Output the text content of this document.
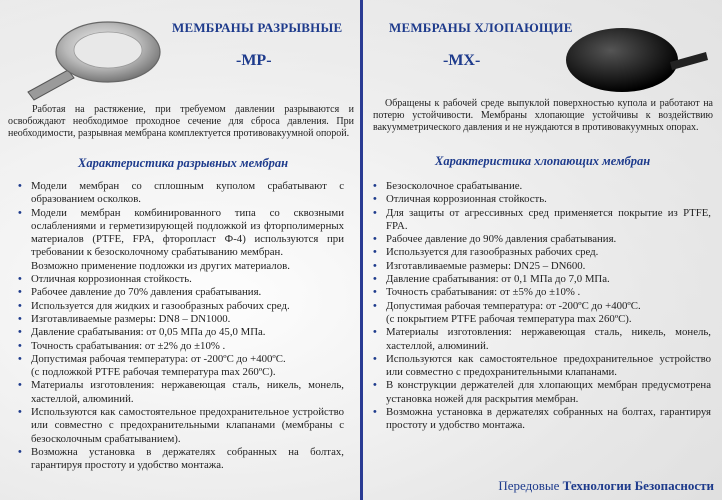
МЕМБРАНЫ РАЗРЫВНЫЕ
-МР-
Работая на растяжение, при требуемом давлении разрываются и освобождают необходимое проходное сечение для сброса давления. При необходимости, разрывная мембрана комплектуется противовакуумной опорой.
Характеристика разрывных мембран
• Модели мембран со сплошным куполом срабатывают с образованием осколков.
• Модели мембран комбинированного типа со сквозными ослаблениями и герметизирующей подложкой из фторполимерных материалов (PTFE, FPA, фторопласт Ф-4) используются при требовании к безосколочному срабатыванию мембран.
Возможно применение подложки из других материалов.
• Отличная коррозионная стойкость.
• Рабочее давление до 70% давления срабатывания.
• Используется для жидких и газообразных рабочих сред.
• Изготавливаемые размеры: DN8 – DN1000.
• Давление срабатывания: от 0,05 МПа до 45,0 МПа.
• Точность срабатывания: от ±2% до ±10% .
• Допустимая рабочая температура: от -200ºС до +400ºС.
(с подложкой PTFE рабочая температура max 260ºС).
• Материалы изготовления: нержавеющая сталь, никель, монель, хастеллой, алюминий.
• Используются как самостоятельное предохранительное устройство или совместно с предохранительными клапанами (мембраны с безосколочным срабатыванием).
• Возможна установка в держателях собранных на болтах, гарантируя простоту и удобство монтажа.
МЕМБРАНЫ ХЛОПАЮЩИЕ
-МХ-
Обращены к рабочей среде выпуклой поверхностью купола и работают на потерю устойчивости. Мембраны хлопающие устойчивы к воздействию вакуумметрического давления и не нуждаются в противовакуумных опорах.
Характеристика хлопающих мембран
• Безосколочное срабатывание.
• Отличная коррозионная стойкость.
• Для защиты от агрессивных сред применяется покрытие из PTFE, FPA.
• Рабочее давление до 90% давления срабатывания.
• Используется для газообразных рабочих сред.
• Изготавливаемые размеры: DN25 – DN600.
• Давление срабатывания: от 0,1 МПа до 7,0 МПа.
• Точность срабатывания: от ±5% до ±10% .
• Допустимая рабочая температура: от -200ºС до +400ºС.
(с покрытием PTFE рабочая температура max 260ºС).
• Материалы изготовления: нержавеющая сталь, никель, монель, хастеллой, алюминий.
• Используются как самостоятельное предохранительное устройство или совместно с предохранительными клапанами.
• В конструкции держателей для хлопающих мембран предусмотрена установка ножей для раскрытия мембран.
• Возможна установка в держателях собранных на болтах, гарантируя простоту и удобство монтажа.
Передовые Технологии Безопасности
